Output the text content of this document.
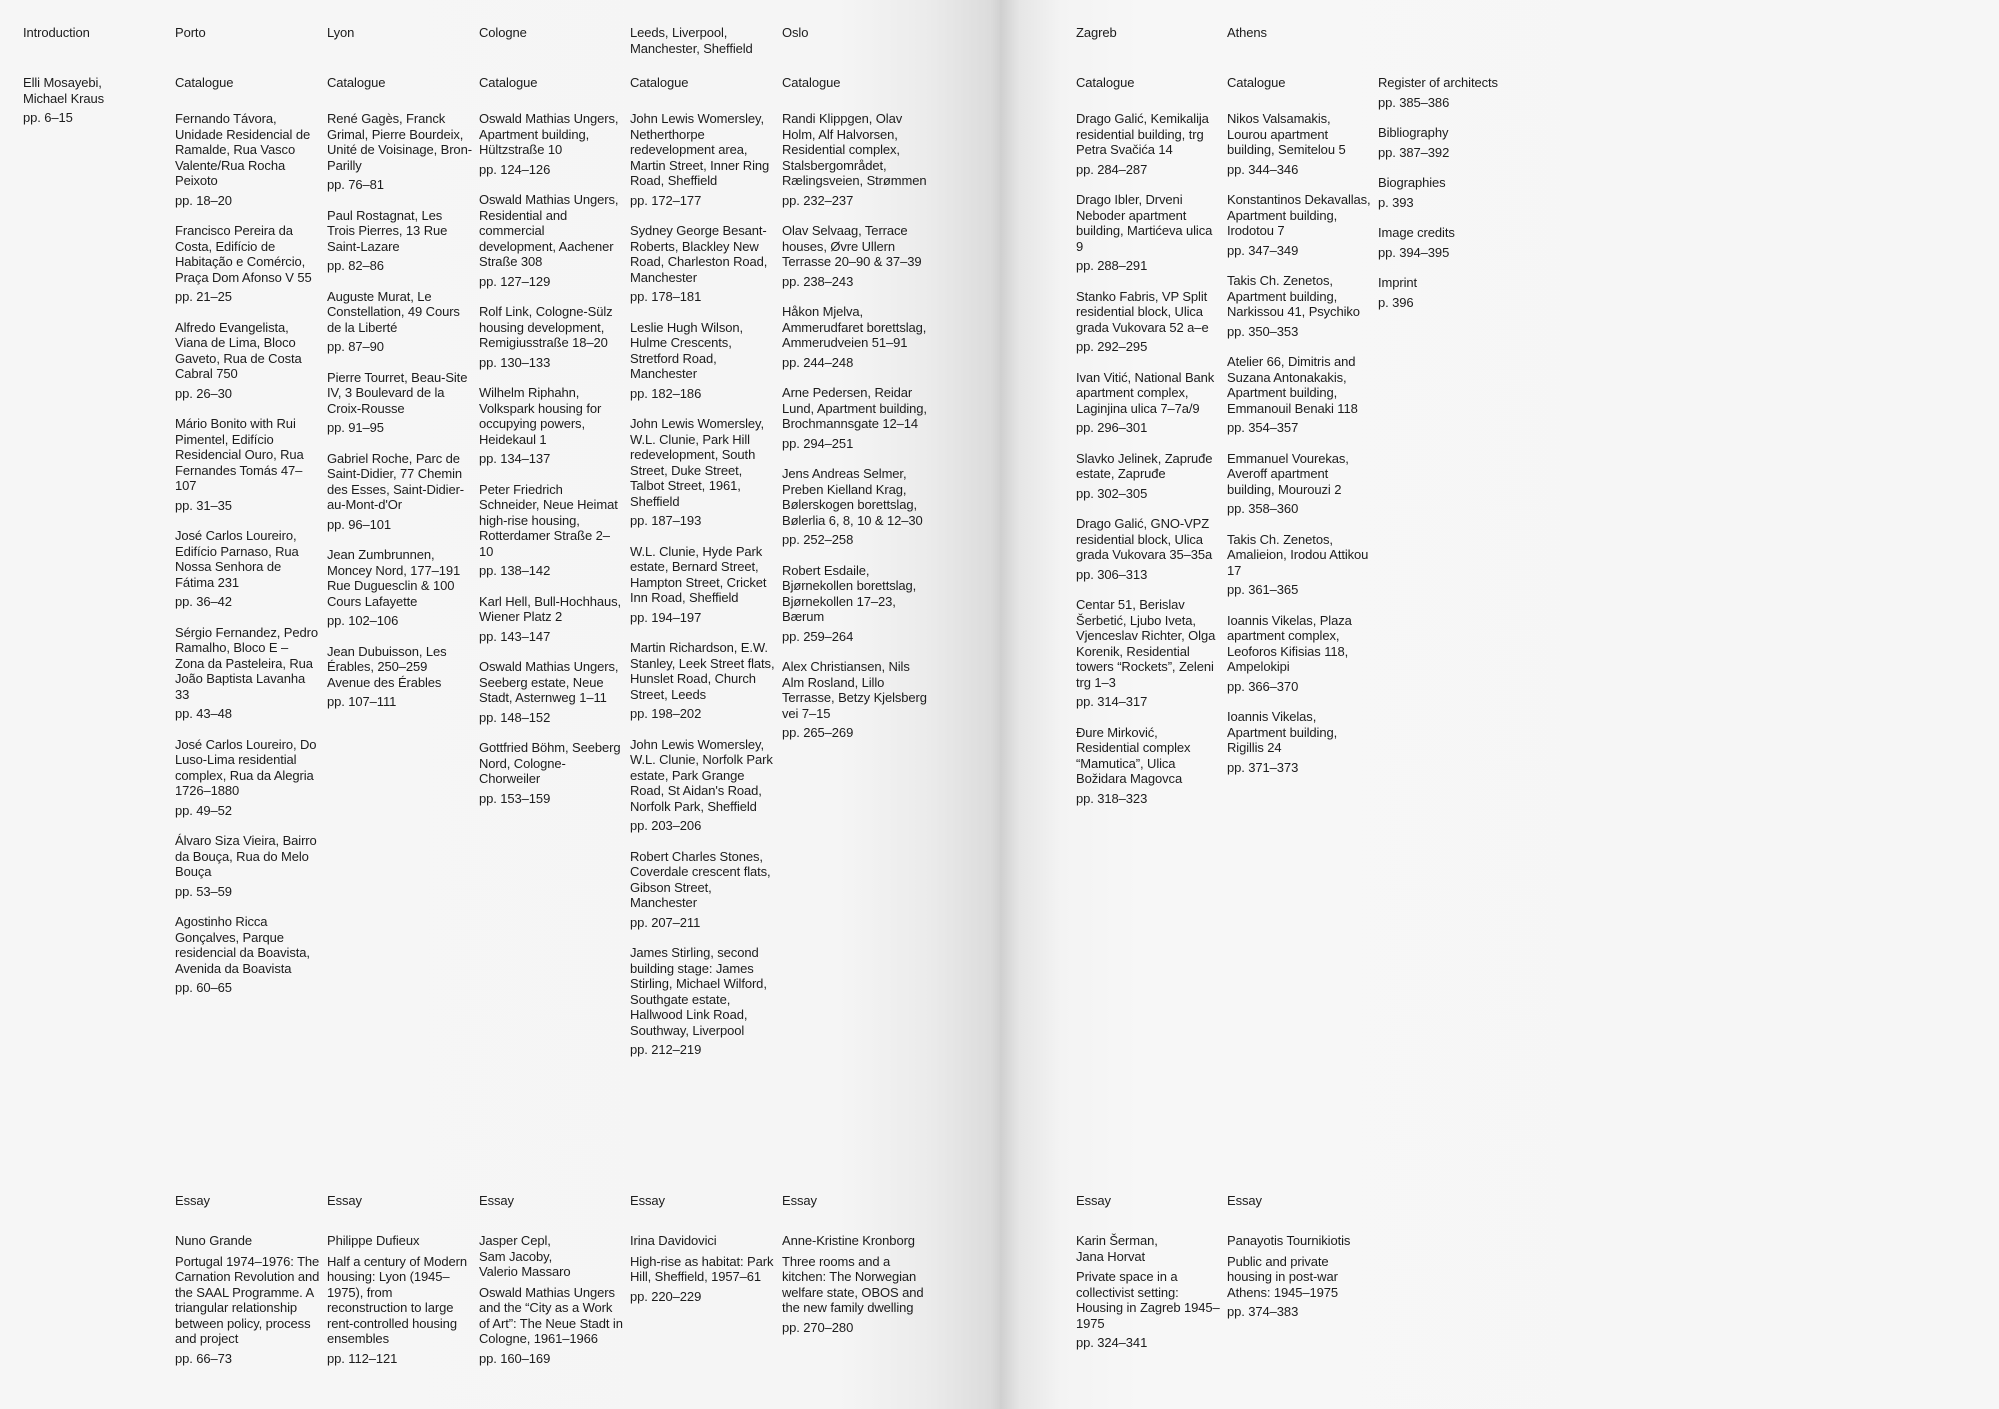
Introduction
Elli Mosayebi,
Michael Kraus
pp. 6–15
Porto
Catalogue
Fernando Távora, Unidade Residencial de Ramalde, Rua Vasco Valente/Rua Rocha Peixoto
pp. 18–20
Francisco Pereira da Costa, Edifício de Habitação e Comércio, Praça Dom Afonso V 55
pp. 21–25
Alfredo Evangelista, Viana de Lima, Bloco Gaveto, Rua de Costa Cabral 750
pp. 26–30
Mário Bonito with Rui Pimentel, Edifício Residencial Ouro, Rua Fernandes Tomás 47–107
pp. 31–35
José Carlos Loureiro, Edifício Parnaso, Rua Nossa Senhora de Fátima 231
pp. 36–42
Sérgio Fernandez, Pedro Ramalho, Bloco E – Zona da Pasteleira, Rua João Baptista Lavanha 33
pp. 43–48
José Carlos Loureiro, Do Luso-Lima residential complex, Rua da Alegria 1726–1880
pp. 49–52
Álvaro Siza Vieira, Bairro da Bouça, Rua do Melo Bouça
pp. 53–59
Agostinho Ricca Gonçalves, Parque residencial da Boavista, Avenida da Boavista
pp. 60–65
Essay
Nuno Grande
Portugal 1974–1976: The Carnation Revolution and the SAAL Programme. A triangular relationship between policy, process and project
pp. 66–73
Lyon
Catalogue
René Gagès, Franck Grimal, Pierre Bourdeix, Unité de Voisinage, Bron-Parilly
pp. 76–81
Paul Rostagnat, Les Trois Pierres, 13 Rue Saint-Lazare
pp. 82–86
Auguste Murat, Le Constellation, 49 Cours de la Liberté
pp. 87–90
Pierre Tourret, Beau-Site IV, 3 Boulevard de la Croix-Rousse
pp. 91–95
Gabriel Roche, Parc de Saint-Didier, 77 Chemin des Esses, Saint-Didier-au-Mont-d'Or
pp. 96–101
Jean Zumbrunnen, Moncey Nord, 177–191 Rue Duguesclin & 100 Cours Lafayette
pp. 102–106
Jean Dubuisson, Les Érables, 250–259 Avenue des Érables
pp. 107–111
Essay
Philippe Dufieux
Half a century of Modern housing: Lyon (1945–1975), from reconstruction to large rent-controlled housing ensembles
pp. 112–121
Cologne
Catalogue
Oswald Mathias Ungers, Apartment building, Hültzstraße 10
pp. 124–126
Oswald Mathias Ungers, Residential and commercial development, Aachener Straße 308
pp. 127–129
Rolf Link, Cologne-Sülz housing development, Remigiusstraße 18–20
pp. 130–133
Wilhelm Riphahn, Volkspark housing for occupying powers, Heidekaul 1
pp. 134–137
Peter Friedrich Schneider, Neue Heimat high-rise housing, Rotterdamer Straße 2–10
pp. 138–142
Karl Hell, Bull-Hochhaus, Wiener Platz 2
pp. 143–147
Oswald Mathias Ungers, Seeberg estate, Neue Stadt, Asternweg 1–11
pp. 148–152
Gottfried Böhm, Seeberg Nord, Cologne-Chorweiler
pp. 153–159
Essay
Jasper Cepl,
Sam Jacoby,
Valerio Massaro
Oswald Mathias Ungers and the “City as a Work of Art”: The Neue Stadt in Cologne, 1961–1966
pp. 160–169
Leeds, Liverpool,
Manchester, Sheffield
Catalogue
John Lewis Womersley, Netherthorpe redevelopment area, Martin Street, Inner Ring Road, Sheffield
pp. 172–177
Sydney George Besant-Roberts, Blackley New Road, Charleston Road, Manchester
pp. 178–181
Leslie Hugh Wilson, Hulme Crescents, Stretford Road, Manchester
pp. 182–186
John Lewis Womersley, W.L. Clunie, Park Hill redevelopment, South Street, Duke Street, Talbot Street, 1961, Sheffield
pp. 187–193
W.L. Clunie, Hyde Park estate, Bernard Street, Hampton Street, Cricket Inn Road, Sheffield
pp. 194–197
Martin Richardson, E.W. Stanley, Leek Street flats, Hunslet Road, Church Street, Leeds
pp. 198–202
John Lewis Womersley, W.L. Clunie, Norfolk Park estate, Park Grange Road, St Aidan's Road, Norfolk Park, Sheffield
pp. 203–206
Robert Charles Stones, Coverdale crescent flats, Gibson Street, Manchester
pp. 207–211
James Stirling, second building stage: James Stirling, Michael Wilford, Southgate estate, Hallwood Link Road, Southway, Liverpool
pp. 212–219
Essay
Irina Davidovici
High-rise as habitat: Park Hill, Sheffield, 1957–61
pp. 220–229
Oslo
Catalogue
Randi Klippgen, Olav Holm, Alf Halvorsen, Residential complex, Stalsbergområdet, Rælingsveien, Strømmen
pp. 232–237
Olav Selvaag, Terrace houses, Øvre Ullern Terrasse 20–90 & 37–39
pp. 238–243
Håkon Mjelva, Ammerudfaret borettslag, Ammerudveien 51–91
pp. 244–248
Arne Pedersen, Reidar Lund, Apartment building, Brochmannsgate 12–14
pp. 294–251
Jens Andreas Selmer, Preben Kielland Krag, Bølerskogen borettslag, Bølerlia 6, 8, 10 & 12–30
pp. 252–258
Robert Esdaile, Bjørnekollen borettslag, Bjørnekollen 17–23, Bærum
pp. 259–264
Alex Christiansen, Nils Alm Rosland, Lillo Terrasse, Betzy Kjelsberg vei 7–15
pp. 265–269
Essay
Anne-Kristine Kronborg
Three rooms and a kitchen: The Norwegian welfare state, OBOS and the new family dwelling
pp. 270–280
Zagreb
Catalogue
Drago Galić, Kemikalija residential building, trg Petra Svačića 14
pp. 284–287
Drago Ibler, Drveni Neboder apartment building, Martićeva ulica 9
pp. 288–291
Stanko Fabris, VP Split residential block, Ulica grada Vukovara 52 a–e
pp. 292–295
Ivan Vitić, National Bank apartment complex, Laginjina ulica 7–7a/9
pp. 296–301
Slavko Jelinek, Zapruđe estate, Zapruđe
pp. 302–305
Drago Galić, GNO-VPZ residential block, Ulica grada Vukovara 35–35a
pp. 306–313
Centar 51, Berislav Šerbetić, Ljubo Iveta, Vjenceslav Richter, Olga Korenik, Residential towers “Rockets”, Zeleni trg 1–3
pp. 314–317
Đure Mirković, Residential complex “Mamutica”, Ulica Božidara Magovca
pp. 318–323
Essay
Karin Šerman,
Jana Horvat
Private space in a collectivist setting: Housing in Zagreb 1945–1975
pp. 324–341
Athens
Catalogue
Nikos Valsamakis, Lourou apartment building, Semitelou 5
pp. 344–346
Konstantinos Dekavallas, Apartment building, Irodotou 7
pp. 347–349
Takis Ch. Zenetos, Apartment building, Narkissou 41, Psychiko
pp. 350–353
Atelier 66, Dimitris and Suzana Antonakakis, Apartment building, Emmanouil Benaki 118
pp. 354–357
Emmanuel Vourekas, Averoff apartment building, Mourouzi 2
pp. 358–360
Takis Ch. Zenetos, Amalieion, Irodou Attikou 17
pp. 361–365
Ioannis Vikelas, Plaza apartment complex, Leoforos Kifisias 118, Ampelokipi
pp. 366–370
Ioannis Vikelas, Apartment building, Rigillis 24
pp. 371–373
Essay
Panayotis Tournikiotis
Public and private housing in post-war Athens: 1945–1975
pp. 374–383
Register of architects
pp. 385–386
Bibliography
pp. 387–392
Biographies
p. 393
Image credits
pp. 394–395
Imprint
p. 396
